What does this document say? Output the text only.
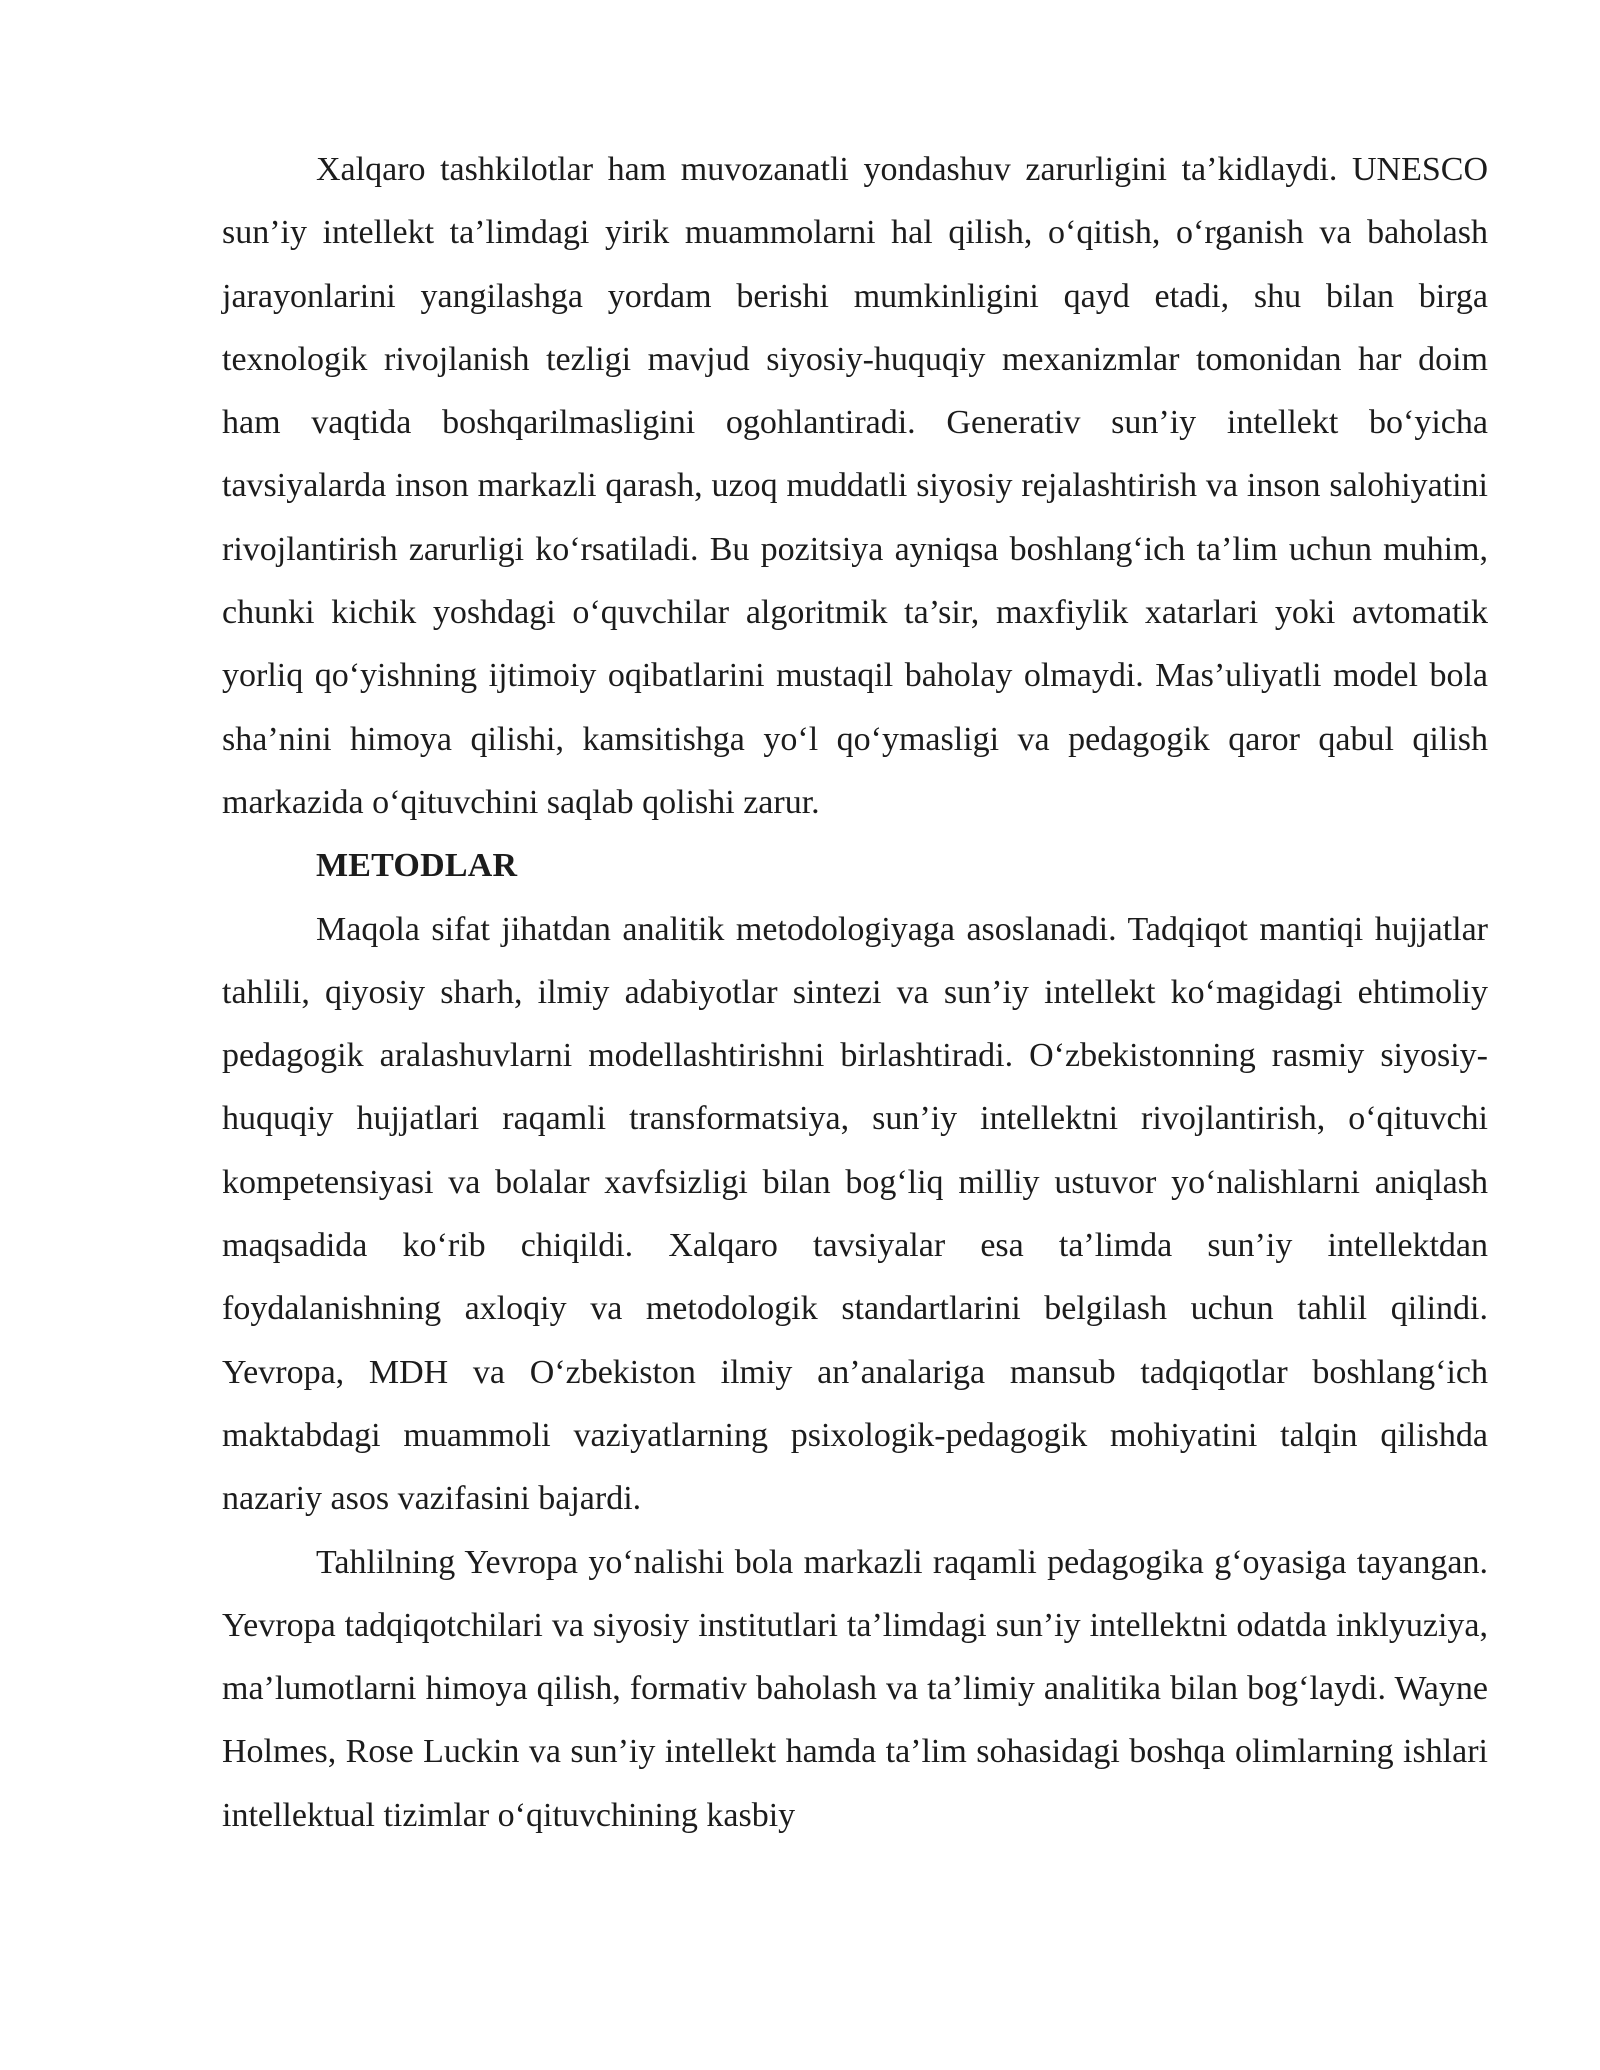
Xalqaro tashkilotlar ham muvozanatli yondashuv zarurligini ta’kidlaydi. UNESCO sun’iy intellekt ta’limdagi yirik muammolarni hal qilish, o‘qitish, o‘rganish va baholash jarayonlarini yangilashga yordam berishi mumkinligini qayd etadi, shu bilan birga texnologik rivojlanish tezligi mavjud siyosiy-huquqiy mexanizmlar tomonidan har doim ham vaqtida boshqarilmasligini ogohlantiradi. Generativ sun’iy intellekt bo‘yicha tavsiyalarda inson markazli qarash, uzoq muddatli siyosiy rejalashtirish va inson salohiyatini rivojlantirish zarurligi ko‘rsatiladi. Bu pozitsiya ayniqsa boshlang‘ich ta’lim uchun muhim, chunki kichik yoshdagi o‘quvchilar algoritmik ta’sir, maxfiylik xatarlari yoki avtomatik yorliq qo‘yishning ijtimoiy oqibatlarini mustaqil baholay olmaydi. Mas’uliyatli model bola sha’nini himoya qilishi, kamsitishga yo‘l qo‘ymasligi va pedagogik qaror qabul qilish markazida o‘qituvchini saqlab qolishi zarur.

METODLAR

Maqola sifat jihatdan analitik metodologiyaga asoslanadi. Tadqiqot mantiqi hujjatlar tahlili, qiyosiy sharh, ilmiy adabiyotlar sintezi va sun’iy intellekt ko‘magidagi ehtimoliy pedagogik aralashuvlarni modellashtirishni birlashtiradi. O‘zbekistonning rasmiy siyosiy-huquqiy hujjatlari raqamli transformatsiya, sun’iy intellektni rivojlantirish, o‘qituvchi kompetensiyasi va bolalar xavfsizligi bilan bog‘liq milliy ustuvor yo‘nalishlarni aniqlash maqsadida ko‘rib chiqildi. Xalqaro tavsiyalar esa ta’limda sun’iy intellektdan foydalanishning axloqiy va metodologik standartlarini belgilash uchun tahlil qilindi. Yevropa, MDH va O‘zbekiston ilmiy an’analariga mansub tadqiqotlar boshlang‘ich maktabdagi muammoli vaziyatlarning psixologik-pedagogik mohiyatini talqin qilishda nazariy asos vazifasini bajardi.

Tahlilning Yevropa yo‘nalishi bola markazli raqamli pedagogika g‘oyasiga tayangan. Yevropa tadqiqotchilari va siyosiy institutlari ta’limdagi sun’iy intellektni odatda inklyuziya, ma’lumotlarni himoya qilish, formativ baholash va ta’limiy analitika bilan bog‘laydi. Wayne Holmes, Rose Luckin va sun’iy intellekt hamda ta’lim sohasidagi boshqa olimlarning ishlari intellektual tizimlar o‘qituvchining kasbiy
